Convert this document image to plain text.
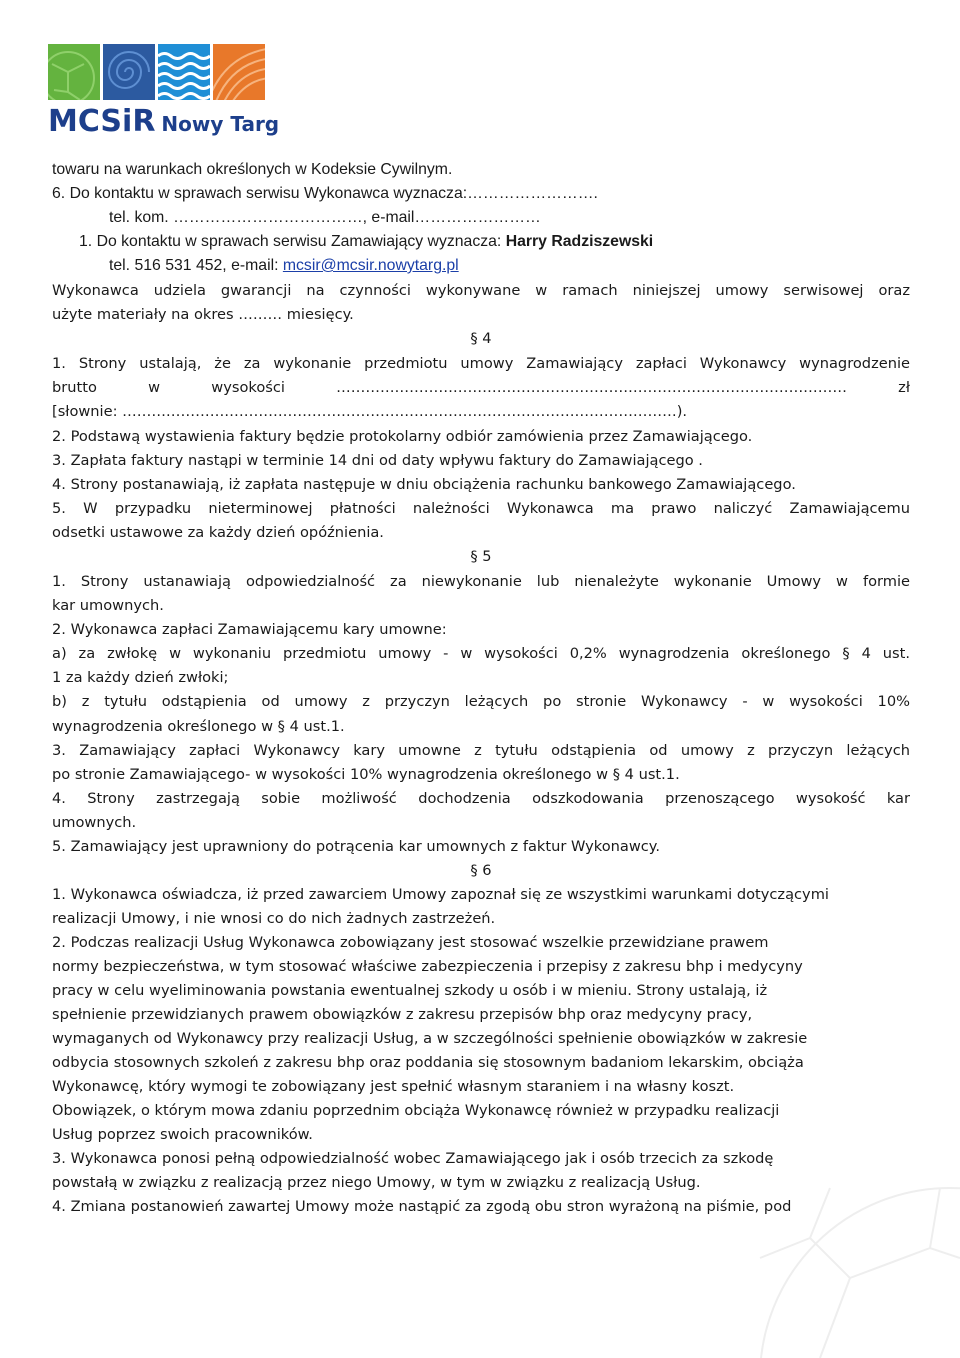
MCSiR Nowy Targ
towaru na warunkach określonych w Kodeksie Cywilnym.
6. Do kontaktu w sprawach serwisu Wykonawca wyznacza:…………………….
tel. kom. ………………………………, e-mail……………………
1. Do kontaktu w sprawach serwisu Zamawiający wyznacza: Harry Radziszewski
tel. 516 531 452, e-mail: mcsir@mcsir.nowytarg.pl
Wykonawca udziela gwarancji na czynności wykonywane w ramach niniejszej umowy serwisowej oraz
użyte materiały na okres ……… miesięcy.
§ 4
1. Strony ustalają, że za wykonanie przedmiotu umowy Zamawiający zapłaci Wykonawcy wynagrodzenie
brutto w wysokości …………………………………………………………………………………………… zł
[słownie: ……………………………………………………………………………………………………).
2. Podstawą wystawienia faktury będzie protokolarny odbiór zamówienia przez Zamawiającego.
3. Zapłata faktury nastąpi w terminie 14 dni od daty wpływu faktury do Zamawiającego .
4. Strony postanawiają, iż zapłata następuje w dniu obciążenia rachunku bankowego Zamawiającego.
5. W przypadku nieterminowej płatności należności Wykonawca ma prawo naliczyć Zamawiającemu
odsetki ustawowe za każdy dzień opóźnienia.
§ 5
1. Strony ustanawiają odpowiedzialność za niewykonanie lub nienależyte wykonanie Umowy w formie
kar umownych.
2. Wykonawca zapłaci Zamawiającemu kary umowne:
a) za zwłokę w wykonaniu przedmiotu umowy - w wysokości 0,2% wynagrodzenia określonego § 4 ust.
1 za każdy dzień zwłoki;
b) z tytułu odstąpienia od umowy z przyczyn leżących po stronie Wykonawcy - w wysokości 10%
wynagrodzenia określonego w § 4 ust.1.
3. Zamawiający zapłaci Wykonawcy kary umowne z tytułu odstąpienia od umowy z przyczyn leżących
po stronie Zamawiającego- w wysokości 10% wynagrodzenia określonego w § 4 ust.1.
4. Strony zastrzegają sobie możliwość dochodzenia odszkodowania przenoszącego wysokość kar
umownych.
5. Zamawiający jest uprawniony do potrącenia kar umownych z faktur Wykonawcy.
§ 6
1. Wykonawca oświadcza, iż przed zawarciem Umowy zapoznał się ze wszystkimi warunkami dotyczącymi
realizacji Umowy, i nie wnosi co do nich żadnych zastrzeżeń.
2. Podczas realizacji Usług Wykonawca zobowiązany jest stosować wszelkie przewidziane prawem
normy bezpieczeństwa, w tym stosować właściwe zabezpieczenia i przepisy z zakresu bhp i medycyny
pracy w celu wyeliminowania powstania ewentualnej szkody u osób i w mieniu. Strony ustalają, iż
spełnienie przewidzianych prawem obowiązków z zakresu przepisów bhp oraz medycyny pracy,
wymaganych od Wykonawcy przy realizacji Usług, a w szczególności spełnienie obowiązków w zakresie
odbycia stosownych szkoleń z zakresu bhp oraz poddania się stosownym badaniom lekarskim, obciąża
Wykonawcę, który wymogi te zobowiązany jest spełnić własnym staraniem i na własny koszt.
Obowiązek, o którym mowa zdaniu poprzednim obciąża Wykonawcę również w przypadku realizacji
Usług poprzez swoich pracowników.
3. Wykonawca ponosi pełną odpowiedzialność wobec Zamawiającego jak i osób trzecich za szkodę
powstałą w związku z realizacją przez niego Umowy, w tym w związku z realizacją Usług.
4. Zmiana postanowień zawartej Umowy może nastąpić za zgodą obu stron wyrażoną na piśmie, pod
